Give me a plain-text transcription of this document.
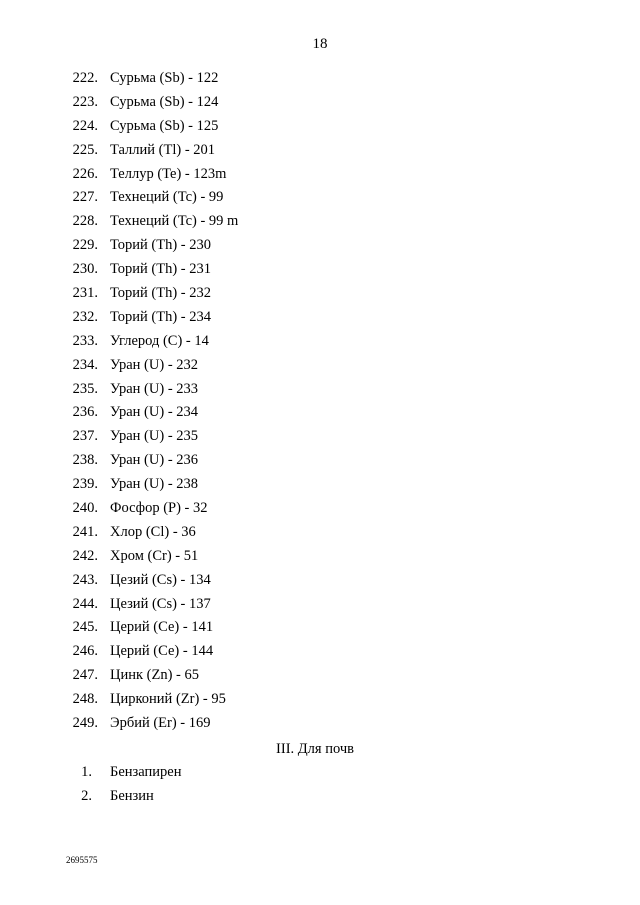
18
222. Сурьма (Sb) - 122
223. Сурьма (Sb) - 124
224. Сурьма (Sb) - 125
225. Таллий (Tl) - 201
226. Теллур (Te) - 123m
227. Технеций (Tc) - 99
228. Технеций (Tc) - 99 m
229. Торий (Th) - 230
230. Торий (Th) - 231
231. Торий (Th) - 232
232. Торий (Th) - 234
233. Углерод (С) - 14
234. Уран (U) - 232
235. Уран (U) - 233
236. Уран (U) - 234
237. Уран (U) - 235
238. Уран (U) - 236
239. Уран (U) - 238
240. Фосфор (Р) - 32
241. Хлор (Cl) - 36
242. Хром (Cr) - 51
243. Цезий (Cs) - 134
244. Цезий (Cs) - 137
245. Церий (Се) - 141
246. Церий (Се) - 144
247. Цинк (Zn) - 65
248. Цирконий (Zr) - 95
249. Эрбий (Er) - 169
III. Для почв
1. Бензапирен
2. Бензин
2695575
